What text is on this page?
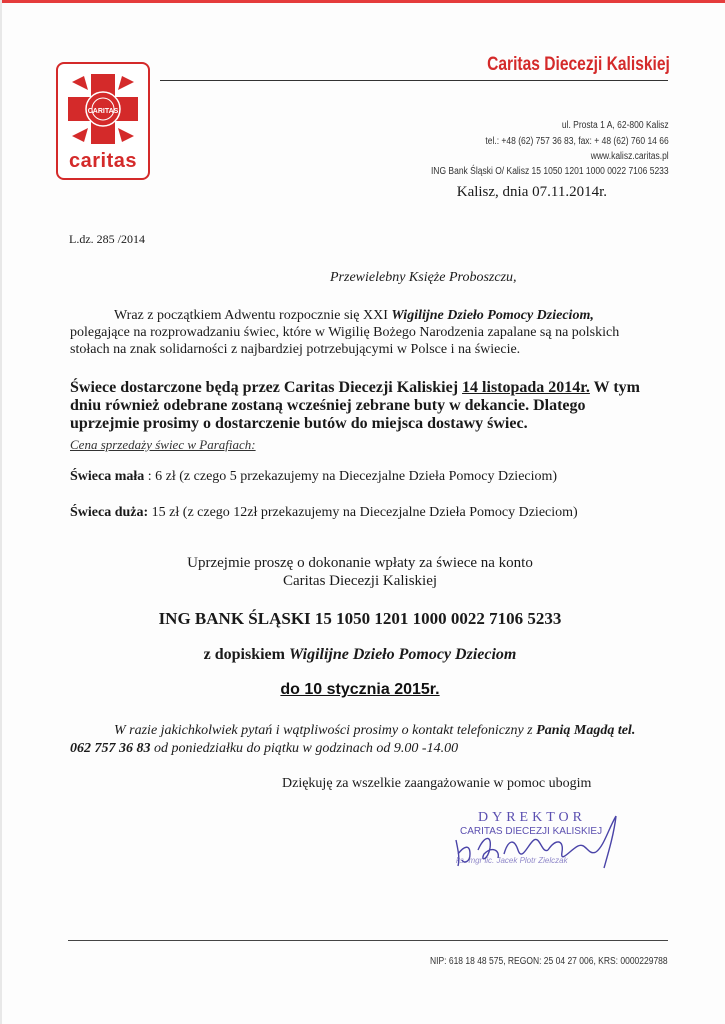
CARITAS
caritas
Caritas Diecezji Kaliskiej
ul. Prosta 1 A, 62-800 Kalisz
tel.: +48 (62) 757 36 83, fax: + 48 (62) 760 14 66
www.kalisz.caritas.pl
ING Bank Śląski O/ Kalisz 15 1050 1201 1000 0022 7106 5233
Kalisz, dnia 07.11.2014r.
L.dz. 285 /2014
Przewielebny Księże Proboszczu,
Wraz z początkiem Adwentu rozpocznie się XXI Wigilijne Dzieło Pomocy Dzieciom, polegające na rozprowadzaniu świec, które w Wigilię Bożego Narodzenia zapalane są na polskich stołach na znak solidarności z najbardziej potrzebującymi w Polsce i na świecie.
Świece dostarczone będą przez Caritas Diecezji Kaliskiej 14 listopada 2014r. W tym dniu również odebrane zostaną wcześniej zebrane buty w dekancie. Dlatego uprzejmie prosimy o dostarczenie butów do miejsca dostawy świec.
Cena sprzedaży świec w Parafiach:
Świeca mała : 6 zł (z czego 5 przekazujemy na Diecezjalne Dzieła Pomocy Dzieciom)
Świeca duża: 15 zł (z czego 12zł przekazujemy na Diecezjalne Dzieła Pomocy Dzieciom)
Uprzejmie proszę o dokonanie wpłaty za świece na konto
Caritas Diecezji Kaliskiej
ING BANK ŚLĄSKI 15 1050 1201 1000 0022 7106 5233
z dopiskiem Wigilijne Dzieło Pomocy Dzieciom
do 10 stycznia 2015r.
W razie jakichkolwiek pytań i wątpliwości prosimy o kontakt telefoniczny z Panią Magdą tel. 062 757 36 83 od poniedziałku do piątku w godzinach od 9.00 -14.00
Dziękuję za wszelkie zaangażowanie w pomoc ubogim
DYREKTOR
CARITAS DIECEZJI KALISKIEJ
ks. mgr lic. Jacek Plotr Zielczak
NIP: 618 18 48 575, REGON: 25 04 27 006, KRS: 0000229788
